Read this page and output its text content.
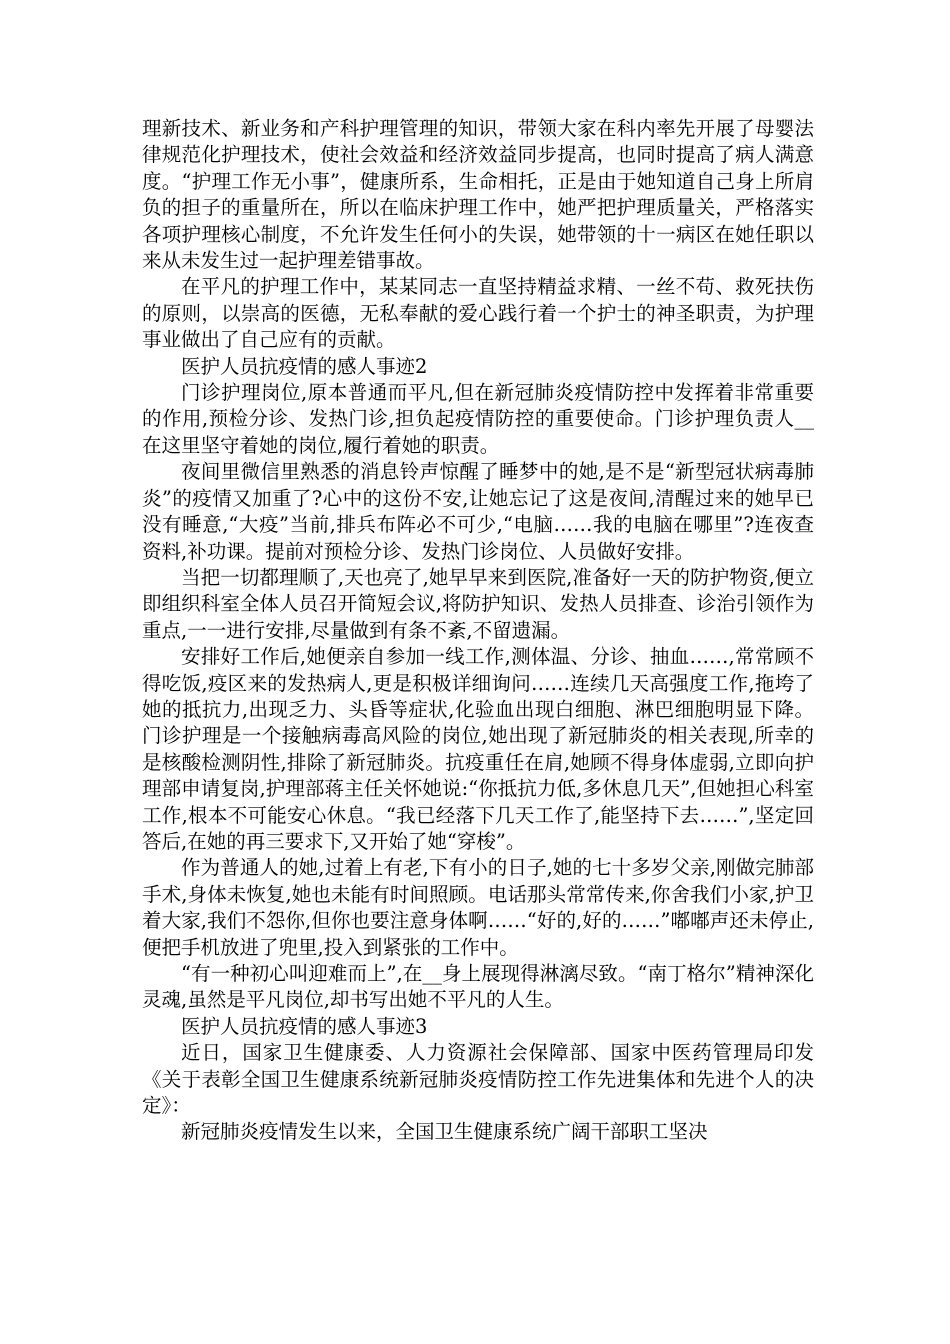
理新技术、新业务和产科护理管理的知识，带领大家在科内率先开展了母婴法律规范化护理技术，使社会效益和经济效益同步提高，也同时提高了病人满意度。“护理工作无小事”，健康所系，生命相托，正是由于她知道自己身上所肩负的担子的重量所在，所以在临床护理工作中，她严把护理质量关，严格落实各项护理核心制度，不允许发生任何小的失误，她带领的十一病区在她任职以来从未发生过一起护理差错事故。

在平凡的护理工作中，某某同志一直坚持精益求精、一丝不苟、救死扶伤的原则，以崇高的医德，无私奉献的爱心践行着一个护士的神圣职责，为护理事业做出了自己应有的贡献。

医护人员抗疫情的感人事迹2

门诊护理岗位,原本普通而平凡,但在新冠肺炎疫情防控中发挥着非常重要的作用,预检分诊、发热门诊,担负起疫情防控的重要使命。门诊护理负责人__在这里坚守着她的岗位,履行着她的职责。

夜间里微信里熟悉的消息铃声惊醒了睡梦中的她,是不是“新型冠状病毒肺炎”的疫情又加重了?心中的这份不安,让她忘记了这是夜间,清醒过来的她早已没有睡意,“大疫”当前,排兵布阵必不可少,“电脑……我的电脑在哪里”?连夜查资料,补功课。提前对预检分诊、发热门诊岗位、人员做好安排。

当把一切都理顺了,天也亮了,她早早来到医院,准备好一天的防护物资,便立即组织科室全体人员召开简短会议,将防护知识、发热人员排查、诊治引领作为重点,一一进行安排,尽量做到有条不紊,不留遗漏。

安排好工作后,她便亲自参加一线工作,测体温、分诊、抽血……,常常顾不得吃饭,疫区来的发热病人,更是积极详细询问……连续几天高强度工作,拖垮了她的抵抗力,出现乏力、头昏等症状,化验血出现白细胞、淋巴细胞明显下降。门诊护理是一个接触病毒高风险的岗位,她出现了新冠肺炎的相关表现,所幸的是核酸检测阴性,排除了新冠肺炎。抗疫重任在肩,她顾不得身体虚弱,立即向护理部申请复岗,护理部蒋主任关怀她说:“你抵抗力低,多休息几天”,但她担心科室工作,根本不可能安心休息。“我已经落下几天工作了,能坚持下去……”,坚定回答后,在她的再三要求下,又开始了她“穿梭”。

作为普通人的她,过着上有老,下有小的日子,她的七十多岁父亲,刚做完肺部手术,身体未恢复,她也未能有时间照顾。电话那头常常传来,你舍我们小家,护卫着大家,我们不怨你,但你也要注意身体啊……“好的,好的……”嘟嘟声还未停止,便把手机放进了兜里,投入到紧张的工作中。

“有一种初心叫迎难而上”,在__身上展现得淋漓尽致。“南丁格尔”精神深化灵魂,虽然是平凡岗位,却书写出她不平凡的人生。

医护人员抗疫情的感人事迹3

近日，国家卫生健康委、人力资源社会保障部、国家中医药管理局印发《关于表彰全国卫生健康系统新冠肺炎疫情防控工作先进集体和先进个人的决定》：

新冠肺炎疫情发生以来，全国卫生健康系统广阔干部职工坚决
